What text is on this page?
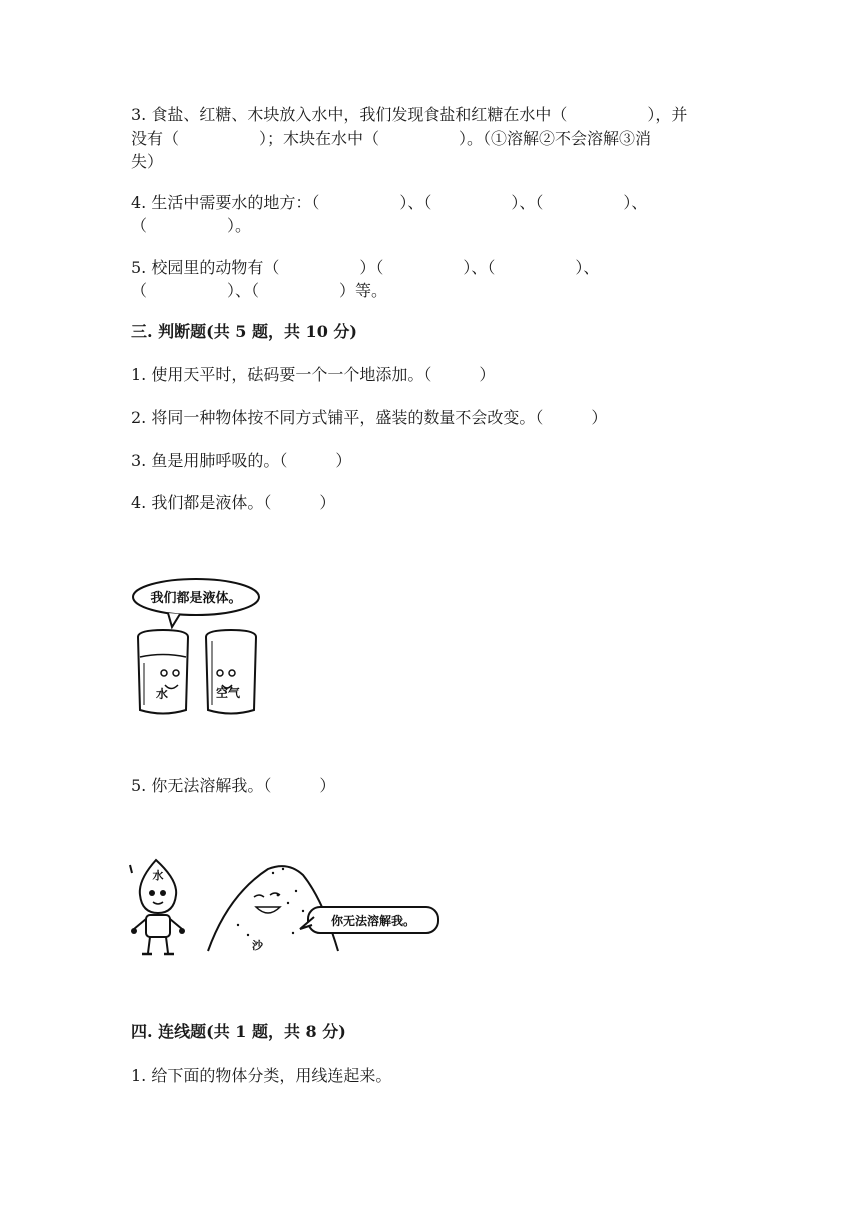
3. 食盐、红糖、木块放入水中，我们发现食盐和红糖在水中（　　　　　），并
没有（　　　　　）；木块在水中（　　　　　）。（①溶解②不会溶解③消
失）
4. 生活中需要水的地方：（　　　　　）、（　　　　　）、（　　　　　）、
（　　　　　）。
5. 校园里的动物有（　　　　　）（　　　　　）、（　　　　　）、
（　　　　　）、（　　　　　）等。
三. 判断题(共 5 题，共 10 分)
1. 使用天平时，砝码要一个一个地添加。（　　　）
2. 将同一种物体按不同方式铺平，盛装的数量不会改变。（　　　）
3. 鱼是用肺呼吸的。（　　　）
4. 我们都是液体。（　　　）
我们都是液体。
水	空气
5. 你无法溶解我。（　　　）
水
沙
你无法溶解我。
四. 连线题(共 1 题，共 8 分)
1. 给下面的物体分类，用线连起来。
